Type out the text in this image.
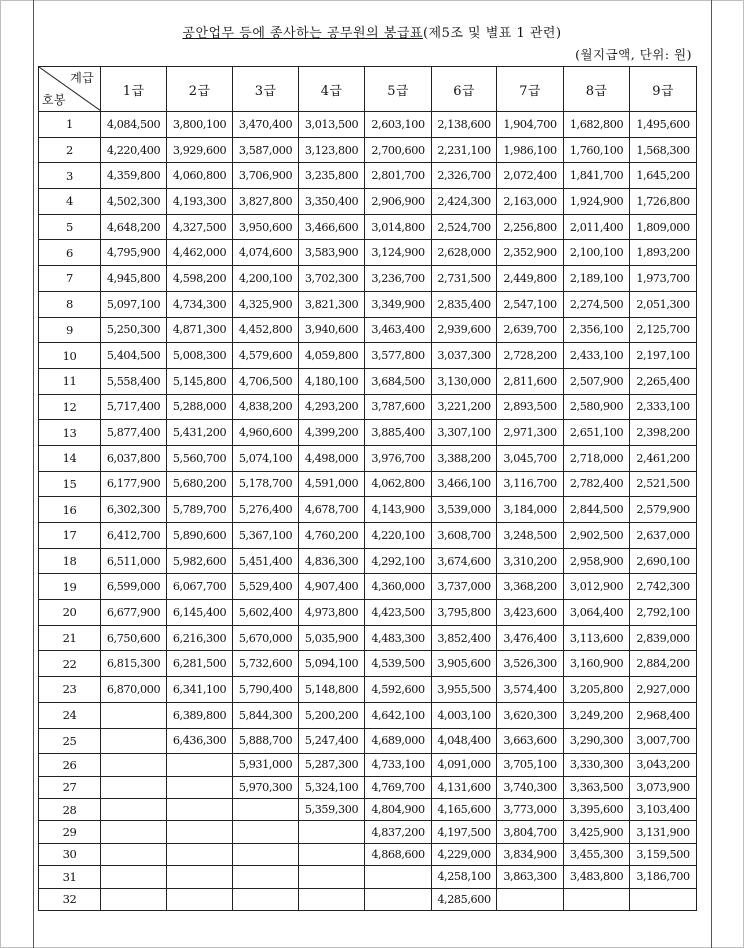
공안업무 등에 종사하는 공무원의 봉급표(제5조 및 별표 1 관련)
(월지급액, 단위: 원)
계급
호봉	1급	2급	3급	4급	5급	6급	7급	8급	9급
1	4,084,500	3,800,100	3,470,400	3,013,500	2,603,100	2,138,600	1,904,700	1,682,800	1,495,600
2	4,220,400	3,929,600	3,587,000	3,123,800	2,700,600	2,231,100	1,986,100	1,760,100	1,568,300
3	4,359,800	4,060,800	3,706,900	3,235,800	2,801,700	2,326,700	2,072,400	1,841,700	1,645,200
4	4,502,300	4,193,300	3,827,800	3,350,400	2,906,900	2,424,300	2,163,000	1,924,900	1,726,800
5	4,648,200	4,327,500	3,950,600	3,466,600	3,014,800	2,524,700	2,256,800	2,011,400	1,809,000
6	4,795,900	4,462,000	4,074,600	3,583,900	3,124,900	2,628,000	2,352,900	2,100,100	1,893,200
7	4,945,800	4,598,200	4,200,100	3,702,300	3,236,700	2,731,500	2,449,800	2,189,100	1,973,700
8	5,097,100	4,734,300	4,325,900	3,821,300	3,349,900	2,835,400	2,547,100	2,274,500	2,051,300
9	5,250,300	4,871,300	4,452,800	3,940,600	3,463,400	2,939,600	2,639,700	2,356,100	2,125,700
10	5,404,500	5,008,300	4,579,600	4,059,800	3,577,800	3,037,300	2,728,200	2,433,100	2,197,100
11	5,558,400	5,145,800	4,706,500	4,180,100	3,684,500	3,130,000	2,811,600	2,507,900	2,265,400
12	5,717,400	5,288,000	4,838,200	4,293,200	3,787,600	3,221,200	2,893,500	2,580,900	2,333,100
13	5,877,400	5,431,200	4,960,600	4,399,200	3,885,400	3,307,100	2,971,300	2,651,100	2,398,200
14	6,037,800	5,560,700	5,074,100	4,498,000	3,976,700	3,388,200	3,045,700	2,718,000	2,461,200
15	6,177,900	5,680,200	5,178,700	4,591,000	4,062,800	3,466,100	3,116,700	2,782,400	2,521,500
16	6,302,300	5,789,700	5,276,400	4,678,700	4,143,900	3,539,000	3,184,000	2,844,500	2,579,900
17	6,412,700	5,890,600	5,367,100	4,760,200	4,220,100	3,608,700	3,248,500	2,902,500	2,637,000
18	6,511,000	5,982,600	5,451,400	4,836,300	4,292,100	3,674,600	3,310,200	2,958,900	2,690,100
19	6,599,000	6,067,700	5,529,400	4,907,400	4,360,000	3,737,000	3,368,200	3,012,900	2,742,300
20	6,677,900	6,145,400	5,602,400	4,973,800	4,423,500	3,795,800	3,423,600	3,064,400	2,792,100
21	6,750,600	6,216,300	5,670,000	5,035,900	4,483,300	3,852,400	3,476,400	3,113,600	2,839,000
22	6,815,300	6,281,500	5,732,600	5,094,100	4,539,500	3,905,600	3,526,300	3,160,900	2,884,200
23	6,870,000	6,341,100	5,790,400	5,148,800	4,592,600	3,955,500	3,574,400	3,205,800	2,927,000
24		6,389,800	5,844,300	5,200,200	4,642,100	4,003,100	3,620,300	3,249,200	2,968,400
25		6,436,300	5,888,700	5,247,400	4,689,000	4,048,400	3,663,600	3,290,300	3,007,700
26			5,931,000	5,287,300	4,733,100	4,091,000	3,705,100	3,330,300	3,043,200
27			5,970,300	5,324,100	4,769,700	4,131,600	3,740,300	3,363,500	3,073,900
28				5,359,300	4,804,900	4,165,600	3,773,000	3,395,600	3,103,400
29					4,837,200	4,197,500	3,804,700	3,425,900	3,131,900
30					4,868,600	4,229,000	3,834,900	3,455,300	3,159,500
31						4,258,100	3,863,300	3,483,800	3,186,700
32						4,285,600			
